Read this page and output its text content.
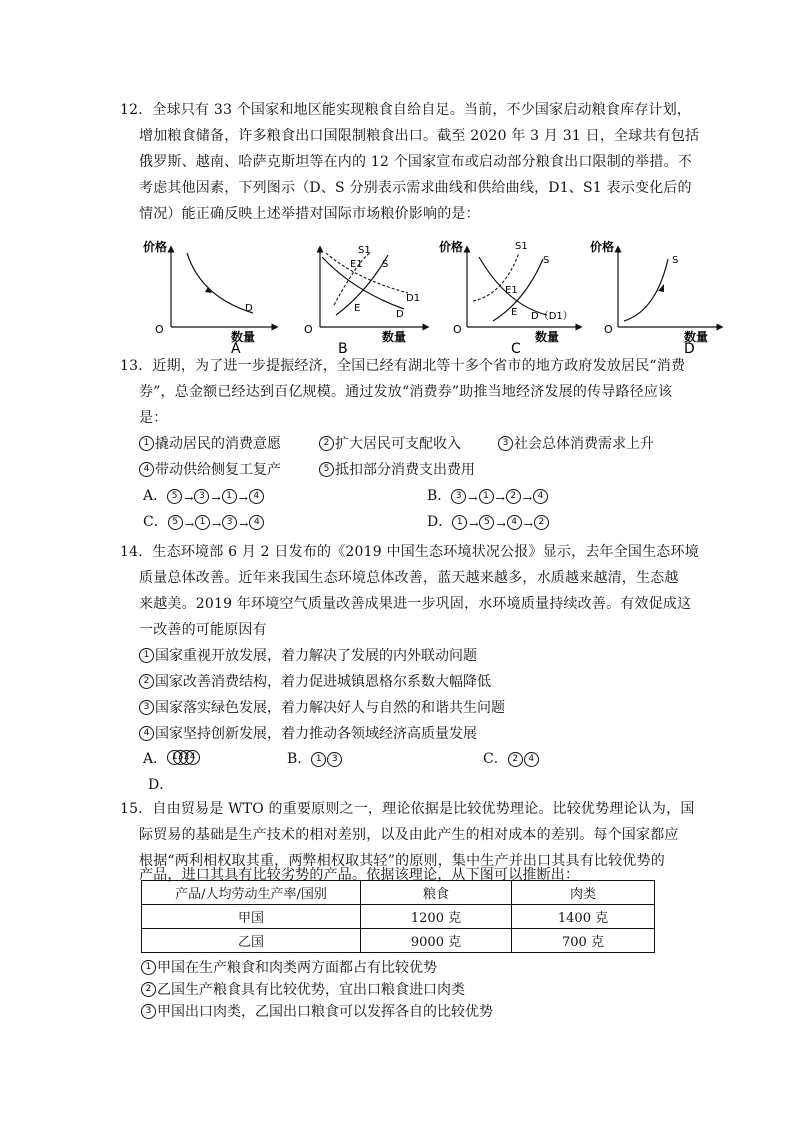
12．全球只有 33 个国家和地区能实现粮食自给自足。当前，不少国家启动粮食库存计划，
增加粮食储备，许多粮食出口国限制粮食出口。截至 2020 年 3 月 31 日，全球共有包括
俄罗斯、越南、哈萨克斯坦等在内的 12 个国家宣布或启动部分粮食出口限制的举措。不
考虑其他因素，下列图示（D、S 分别表示需求曲线和供给曲线，D1、S1 表示变化后的
情况）能正确反映上述举措对国际市场粮价影响的是：
价格
O
数量
D
A
O
数量
S1
E1 S
E
D1
D
B
价格
O
数量
S1
S
E1
E D（D1）
C
价格
O
数量
S
D
13．近期，为了进一步提振经济，全国已经有湖北等十多个省市的地方政府发放居民“消费
券”，总金额已经达到百亿规模。通过发放“消费券”助推当地经济发展的传导路径应该
是：
1 撬动居民的消费意愿	2 扩大居民可支配收入	3 社会总体消费需求上升
4 带动供给侧复工复产	5 抵扣部分消费支出费用
A． 5 → 3 → 1 → 4	B． 3 → 1 → 2 → 4
C． 5 → 1 → 3 → 4	D． 1 → 5 → 4 → 2
14．生态环境部 6 月 2 日发布的《2019 中国生态环境状况公报》显示，去年全国生态环境
质量总体改善。近年来我国生态环境总体改善，蓝天越来越多，水质越来越清，生态越
来越美。2019 年环境空气质量改善成果进一步巩固，水环境质量持续改善。有效促成这
一改善的可能原因有
1 国家重视开放发展，着力解决了发展的内外联动问题
2 国家改善消费结构，着力促进城镇恩格尔系数大幅降低
3 国家落实绿色发展，着力解决好人与自然的和谐共生问题
4 国家坚持创新发展，着力推动各领域经济高质量发展
A． 1 3 2 4	B． 1 3	C． 2 4
D．
15．自由贸易是 WTO 的重要原则之一，理论依据是比较优势理论。比较优势理论认为，国
际贸易的基础是生产技术的相对差别，以及由此产生的相对成本的差别。每个国家都应
根据“两利相权取其重，两弊相权取其轻”的原则，集中生产并出口其具有比较优势的
产品，进口其具有比较劣势的产品。依据该理论，从下图可以推断出：
产品/人均劳动生产率/国别	粮食	肉类
甲国	1200 克	1400 克
乙国	9000 克	700 克
1 甲国在生产粮食和肉类两方面都占有比较优势
2 乙国生产粮食具有比较优势，宜出口粮食进口肉类
3 甲国出口肉类，乙国出口粮食可以发挥各自的比较优势
